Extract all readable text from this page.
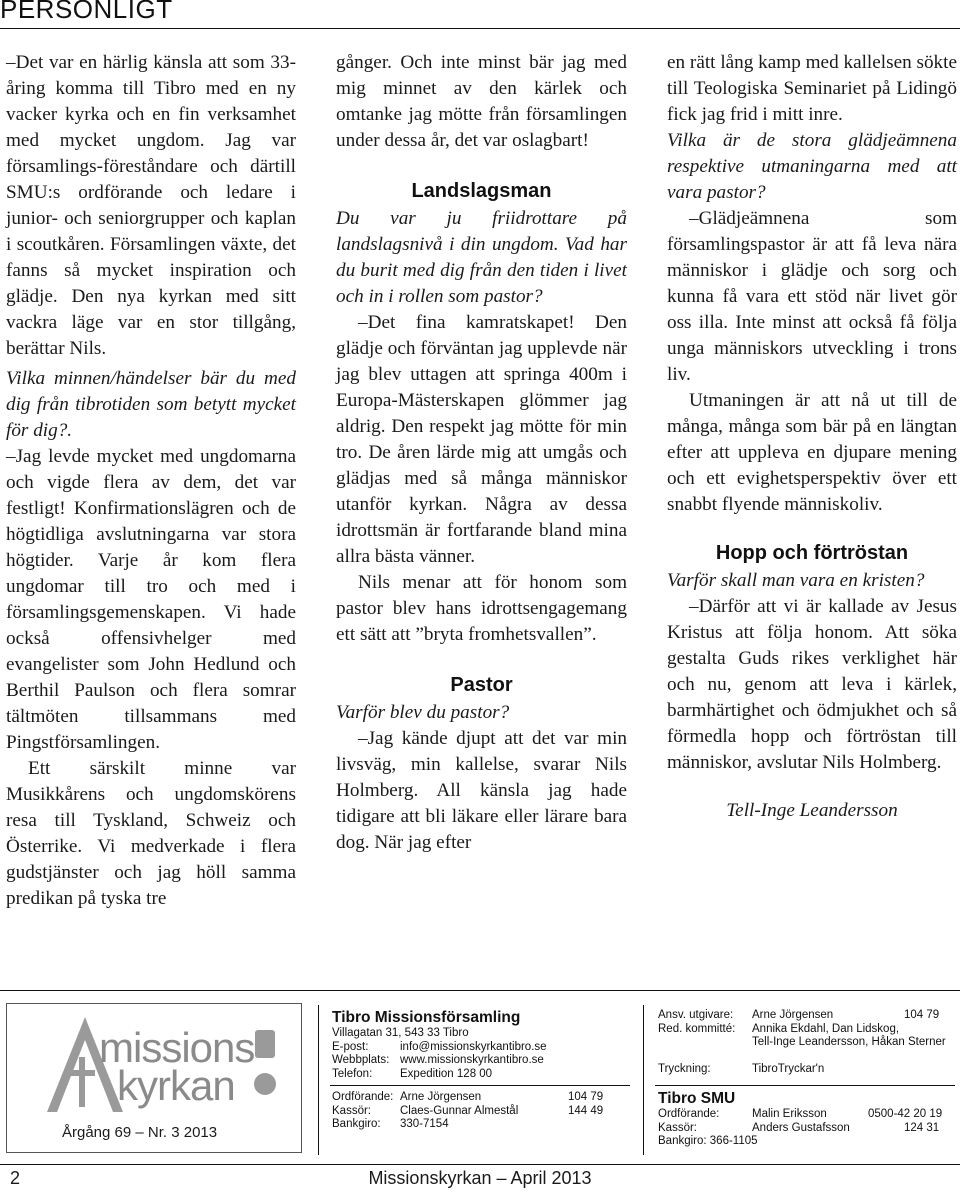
PERSONLIGT

–Det var en härlig känsla att som 33-åring komma till Tibro med en ny vacker kyrka och en fin verksamhet med mycket ungdom. Jag var församlings-föreståndare och därtill SMU:s ordförande och ledare i junior- och seniorgrupper och kaplan i scoutkåren. Församlingen växte, det fanns så mycket inspiration och glädje. Den nya kyrkan med sitt vackra läge var en stor tillgång, berättar Nils.

Vilka minnen/händelser bär du med dig från tibrotiden som betytt mycket för dig?.

–Jag levde mycket med ungdomarna och vigde flera av dem, det var festligt! Konfirmationslägren och de högtidliga avslutningarna var stora högtider. Varje år kom flera ungdomar till tro och med i församlingsgemenskapen. Vi hade också offensivhelger med evangelister som John Hedlund och Berthil Paulson och flera somrar tältmöten tillsammans med Pingstförsamlingen.

Ett särskilt minne var Musikkårens och ungdomskörens resa till Tyskland, Schweiz och Österrike. Vi medverkade i flera gudstjänster och jag höll samma predikan på tyska tre

gånger. Och inte minst bär jag med mig minnet av den kärlek och omtanke jag mötte från församlingen under dessa år, det var oslagbart!

Landslagsman

Du var ju friidrottare på landslagsnivå i din ungdom. Vad har du burit med dig från den tiden i livet och in i rollen som pastor?

–Det fina kamratskapet! Den glädje och förväntan jag upplevde när jag blev uttagen att springa 400m i Europa-Mästerskapen glömmer jag aldrig. Den respekt jag mötte för min tro. De åren lärde mig att umgås och glädjas med så många människor utanför kyrkan. Några av dessa idrottsmän är fortfarande bland mina allra bästa vänner.

Nils menar att för honom som pastor blev hans idrottsengagemang ett sätt att ”bryta fromhetsvallen”.

Pastor

Varför blev du pastor?

–Jag kände djupt att det var min livsväg, min kallelse, svarar Nils Holmberg. All känsla jag hade tidigare att bli läkare eller lärare bara dog. När jag efter

en rätt lång kamp med kallelsen sökte till Teologiska Seminariet på Lidingö fick jag frid i mitt inre.

Vilka är de stora glädjeämnena respektive utmaningarna med att vara pastor?

–Glädjeämnena som församlingspastor är att få leva nära människor i glädje och sorg och kunna få vara ett stöd när livet gör oss illa. Inte minst att också få följa unga människors utveckling i trons liv.

Utmaningen är att nå ut till de många, många som bär på en längtan efter att uppleva en djupare mening och ett evighetsperspektiv över ett snabbt flyende människoliv.

Hopp och förtröstan

Varför skall man vara en kristen?

–Därför att vi är kallade av Jesus Kristus att följa honom. Att söka gestalta Guds rikes verklighet här och nu, genom att leva i kärlek, barmhärtighet och ödmjukhet och så förmedla hopp och förtröstan till människor, avslutar Nils Holmberg.

Tell-Inge Leandersson

missions
kyrkan
Årgång 69 – Nr. 3 2013
Tibro Missionsförsamling
Villagatan 31, 543 33 Tibro
E-post:	info@missionskyrkantibro.se
Webbplats: www.missionskyrkantibro.se
Telefon: Expedition 128 00
Ordförande: Arne Jörgensen	104 79
Kassör:	Claes-Gunnar Almestål	144 49
Bankgiro: 330-7154
Ansv. utgivare: Arne Jörgensen	104 79
Red. kommitté: Annika Ekdahl, Dan Lidskog,
Tell-Inge Leandersson, Håkan Sterner
Tryckning:	TibroTryckar'n
Tibro SMU
Ordförande:	Malin Eriksson	0500-42 20 19
Kassör:	Anders Gustafsson	124 31
Bankgiro: 366-1105
2	Missionskyrkan – April 2013
